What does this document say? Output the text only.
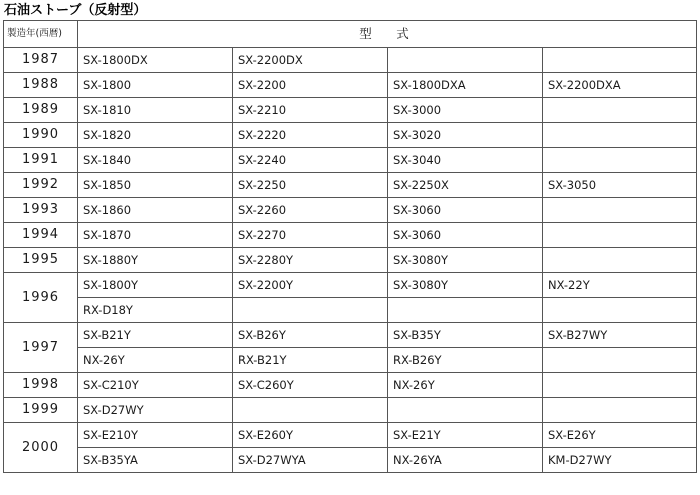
石油ストーブ（反射型）
製造年(西暦)	型　式			
1987	SX-1800DX	SX-2200DX		
1988	SX-1800	SX-2200	SX-1800DXA	SX-2200DXA
1989	SX-1810	SX-2210	SX-3000	
1990	SX-1820	SX-2220	SX-3020	
1991	SX-1840	SX-2240	SX-3040	
1992	SX-1850	SX-2250	SX-2250X	SX-3050
1993	SX-1860	SX-2260	SX-3060	
1994	SX-1870	SX-2270	SX-3060	
1995	SX-1880Y	SX-2280Y	SX-3080Y	
1996	SX-1800Y	SX-2200Y	SX-3080Y	NX-22Y
	RX-D18Y			
1997	SX-B21Y	SX-B26Y	SX-B35Y	SX-B27WY
	NX-26Y	RX-B21Y	RX-B26Y	
1998	SX-C210Y	SX-C260Y	NX-26Y	
1999	SX-D27WY			
2000	SX-E210Y	SX-E260Y	SX-E21Y	SX-E26Y
	SX-B35YA	SX-D27WYA	NX-26YA	KM-D27WY
